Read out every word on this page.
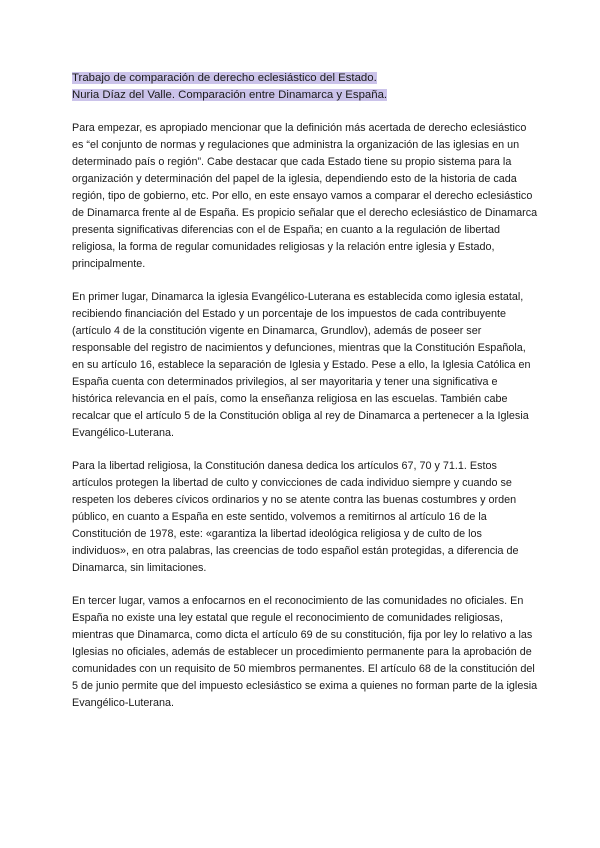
Trabajo de comparación de derecho eclesiástico del Estado.
Nuria Díaz del Valle. Comparación entre Dinamarca y España.

Para empezar, es apropiado mencionar que la definición más acertada de derecho eclesiástico es “el conjunto de normas y regulaciones que administra la organización de las iglesias en un determinado país o región”. Cabe destacar que cada Estado tiene su propio sistema para la organización y determinación del papel de la iglesia, dependiendo esto de la historia de cada región, tipo de gobierno, etc. Por ello, en este ensayo vamos a comparar el derecho eclesiástico de Dinamarca frente al de España. Es propicio señalar que el derecho eclesiástico de Dinamarca presenta significativas diferencias con el de España; en cuanto a la regulación de libertad religiosa, la forma de regular comunidades religiosas y la relación entre iglesia y Estado, principalmente.

En primer lugar, Dinamarca la iglesia Evangélico-Luterana es establecida como iglesia estatal, recibiendo financiación del Estado y un porcentaje de los impuestos de cada contribuyente (artículo 4 de la constitución vigente en Dinamarca, Grundlov), además de poseer ser responsable del registro de nacimientos y defunciones, mientras que la Constitución Española, en su artículo 16, establece la separación de Iglesia y Estado. Pese a ello, la Iglesia Católica en España cuenta con determinados privilegios, al ser mayoritaria y tener una significativa e histórica relevancia en el país, como la enseñanza religiosa en las escuelas. También cabe recalcar que el artículo 5 de la Constitución obliga al rey de Dinamarca a pertenecer a la Iglesia Evangélico-Luterana.

Para la libertad religiosa, la Constitución danesa dedica los artículos 67, 70 y 71.1. Estos artículos protegen la libertad de culto y convicciones de cada individuo siempre y cuando se respeten los deberes cívicos ordinarios y no se atente contra las buenas costumbres y orden público, en cuanto a España en este sentido, volvemos a remitirnos al artículo 16 de la Constitución de 1978, este: «garantiza la libertad ideológica religiosa y de culto de los individuos», en otra palabras, las creencias de todo español están protegidas, a diferencia de Dinamarca, sin limitaciones.

En tercer lugar, vamos a enfocarnos en el reconocimiento de las comunidades no oficiales. En España no existe una ley estatal que regule el reconocimiento de comunidades religiosas, mientras que Dinamarca, como dicta el artículo 69 de su constitución, fija por ley lo relativo a las Iglesias no oficiales, además de establecer un procedimiento permanente para la aprobación de comunidades con un requisito de 50 miembros permanentes. El artículo 68 de la constitución del 5 de junio permite que del impuesto eclesiástico se exima a quienes no forman parte de la iglesia Evangélico-Luterana.
